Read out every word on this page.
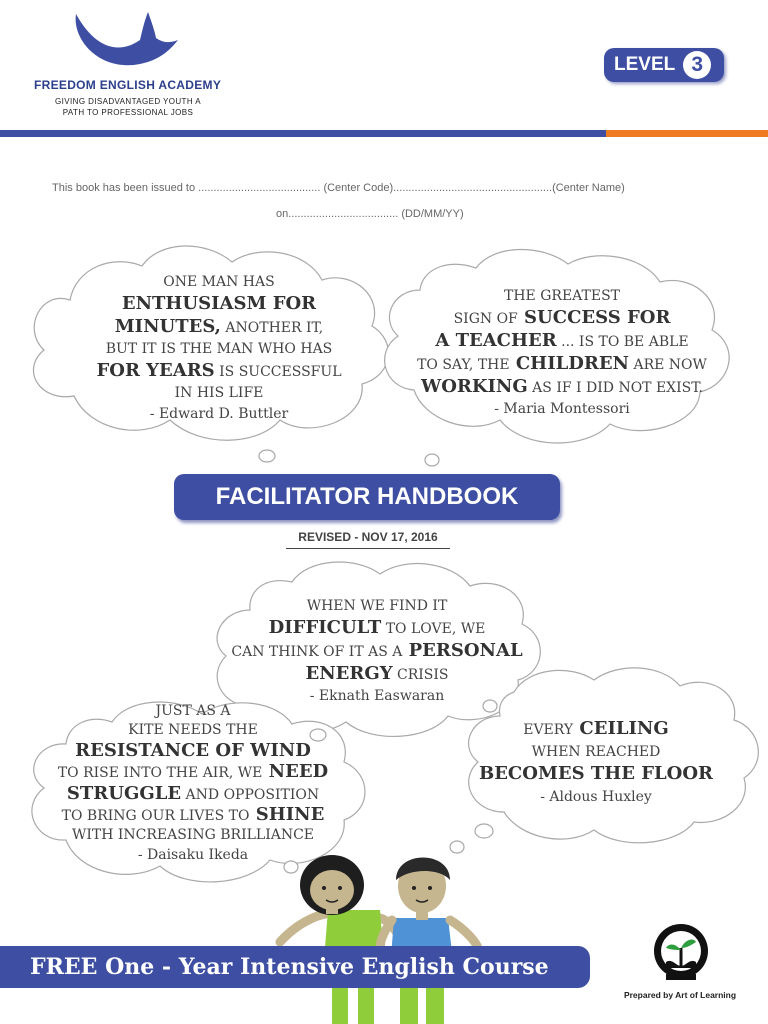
FREEDOM ENGLISH ACADEMY
GIVING DISADVANTAGED YOUTH A
PATH TO PROFESSIONAL JOBS
LEVEL 3
This book has been issued to ........................................ (Center Code)....................................................(Center Name)
on.................................... (DD/MM/YY)
ONE MAN HAS
ENTHUSIASM FOR
MINUTES, ANOTHER IT,
BUT IT IS THE MAN WHO HAS
FOR YEARS IS SUCCESSFUL
IN HIS LIFE
- Edward D. Buttler
THE GREATEST
SIGN OF SUCCESS FOR
A TEACHER ... IS TO BE ABLE
TO SAY, THE CHILDREN ARE NOW
WORKING AS IF I DID NOT EXIST.
- Maria Montessori
WHEN WE FIND IT
DIFFICULT TO LOVE, WE
CAN THINK OF IT AS A PERSONAL
ENERGY CRISIS
- Eknath Easwaran
JUST AS A
KITE NEEDS THE
RESISTANCE OF WIND
TO RISE INTO THE AIR, WE NEED
STRUGGLE AND OPPOSITION
TO BRING OUR LIVES TO SHINE
WITH INCREASING BRILLIANCE
- Daisaku Ikeda
EVERY CEILING
WHEN REACHED
BECOMES THE FLOOR
- Aldous Huxley
FACILITATOR HANDBOOK
REVISED - NOV 17, 2016
FREE One - Year Intensive English Course
Prepared by Art of Learning
